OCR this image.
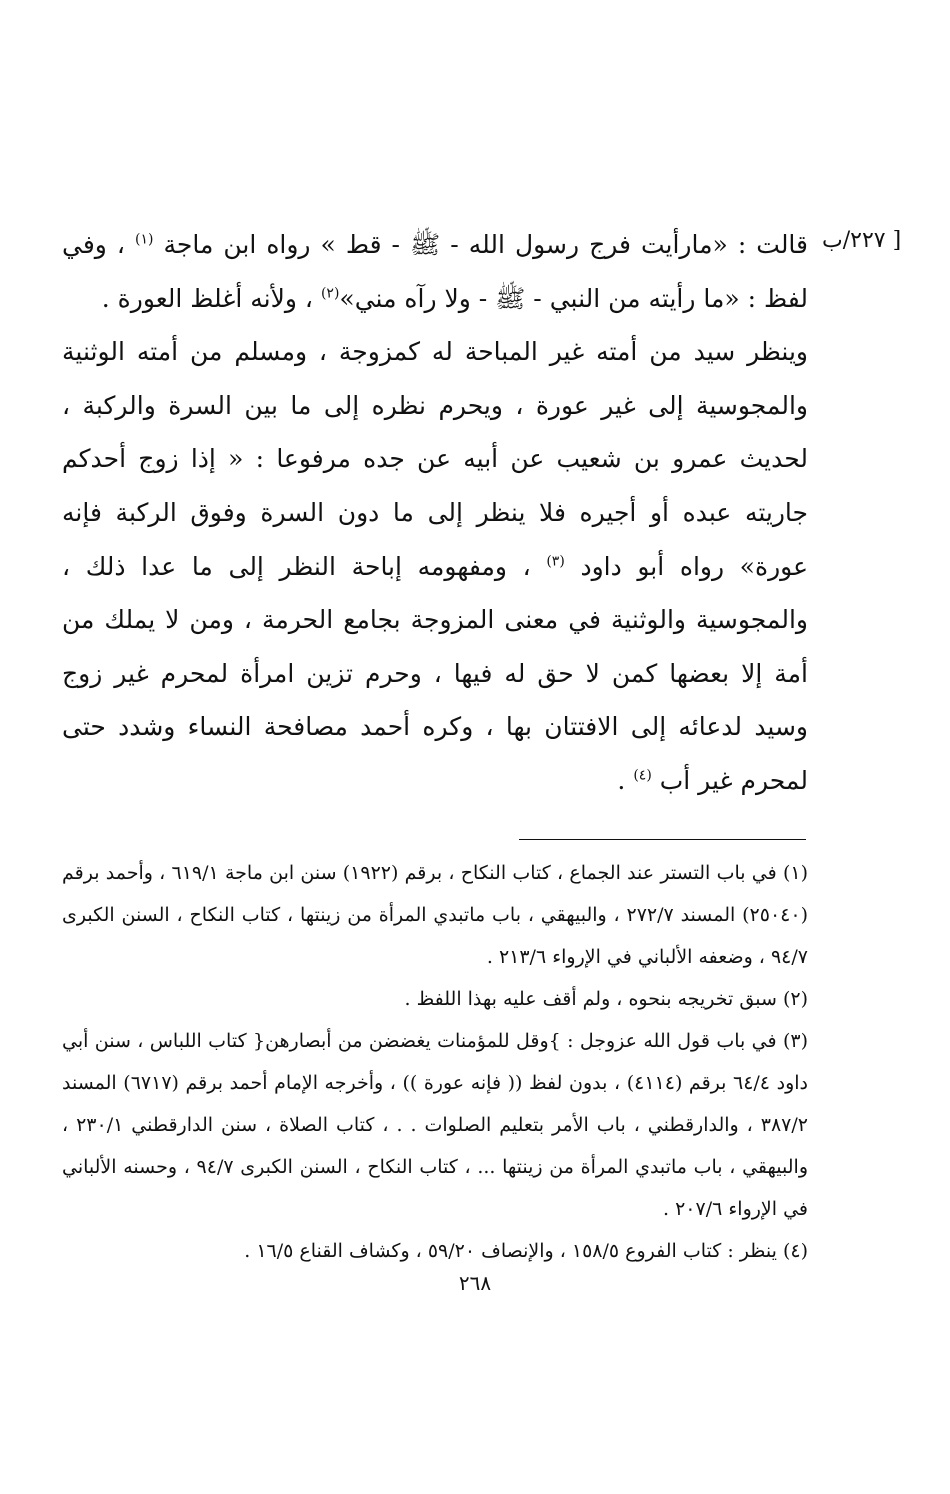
[ ٢٢٧/ب

قالت : «مارأيت فرج رسول الله - ﷺ - قط » رواه ابن ماجة $^{(١)}$ ، وفي لفظ : «ما رأيته من النبي - ﷺ - ولا رآه مني»$^{(٢)}$ ، ولأنه أغلظ العورة .

وينظر سيد من أمته غير المباحة له كمزوجة ، ومسلم من أمته الوثنية والمجوسية إلى غير عورة ، ويحرم نظره إلى ما بين السرة والركبة ، لحديث عمرو بن شعيب عن أبيه عن جده مرفوعا : « إذا زوج أحدكم جاريته عبده أو أجيره فلا ينظر إلى ما دون السرة وفوق الركبة فإنه عورة» رواه أبو داود $^{(٣)}$ ، ومفهومه إباحة النظر إلى ما عدا ذلك ، والمجوسية والوثنية في معنى المزوجة بجامع الحرمة ، ومن لا يملك من أمة إلا بعضها كمن لا حق له فيها ، وحرم تزين امرأة لمحرم غير زوج وسيد لدعائه إلى الافتتان بها ، وكره أحمد مصافحة النساء وشدد حتى لمحرم غير أب $^{(٤)}$ .

(١) في باب التستر عند الجماع ، كتاب النكاح ، برقم (١٩٢٢) سنن ابن ماجة ٦١٩/١ ، وأحمد برقم (٢٥٠٤٠) المسند ٢٧٢/٧ ، والبيهقي ، باب ماتبدي المرأة من زينتها ، كتاب النكاح ، السنن الكبرى ٩٤/٧ ، وضعفه الألباني في الإرواء ٢١٣/٦ .

(٢) سبق تخريجه بنحوه ، ولم أقف عليه بهذا اللفظ .

(٣) في باب قول الله عزوجل : }وقل للمؤمنات يغضضن من أبصارهن{ كتاب اللباس ، سنن أبي داود ٦٤/٤ برقم (٤١١٤) ، بدون لفظ (( فإنه عورة )) ، وأخرجه الإمام أحمد برقم (٦٧١٧) المسند ٣٨٧/٢ ، والدارقطني ، باب الأمر بتعليم الصلوات . . ، كتاب الصلاة ، سنن الدارقطني ٢٣٠/١ ، والبيهقي ، باب ماتبدي المرأة من زينتها ... ، كتاب النكاح ، السنن الكبرى ٩٤/٧ ، وحسنه الألباني في الإرواء ٢٠٧/٦ .

(٤) ينظر : كتاب الفروع ١٥٨/٥ ، والإنصاف ٥٩/٢٠ ، وكشاف القناع ١٦/٥ .

٢٦٨
